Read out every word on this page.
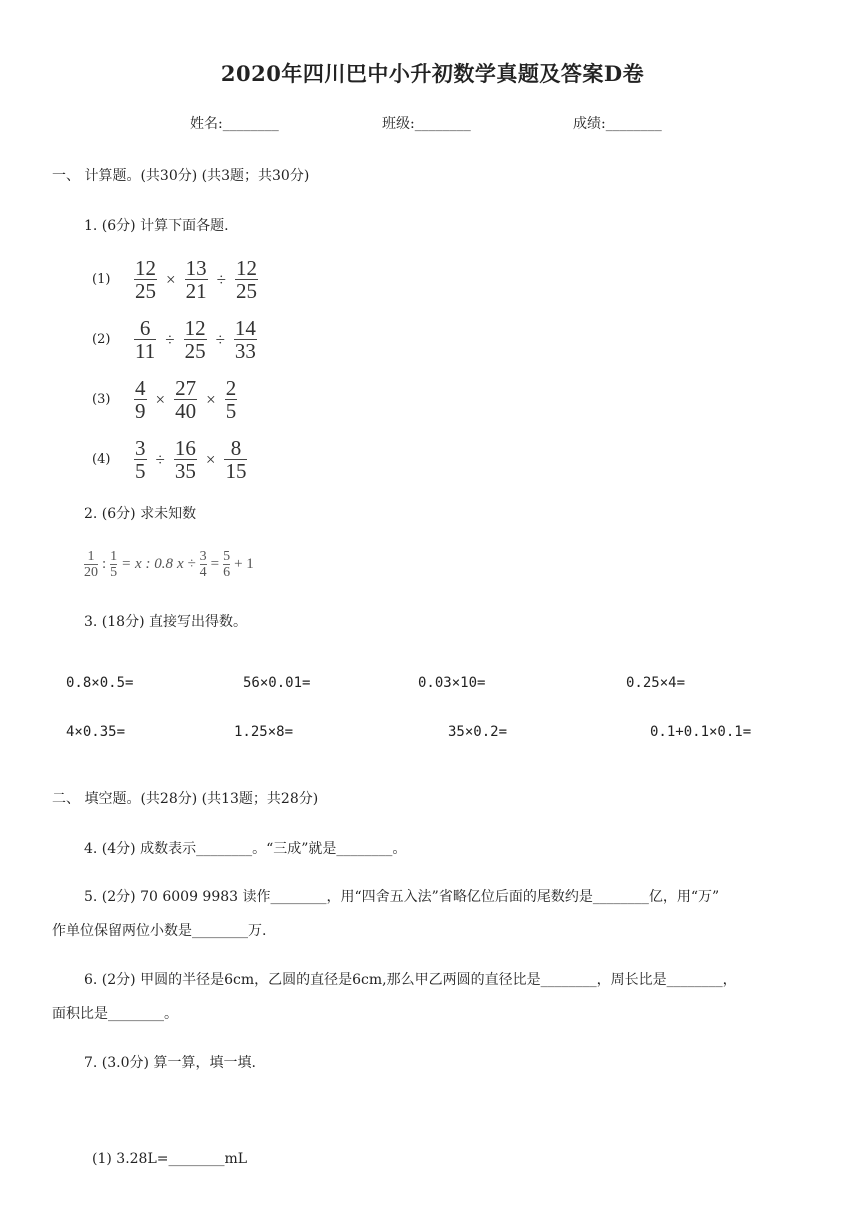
2020年四川巴中小升初数学真题及答案D卷
姓名:________	班级:________	成绩:________
一、 计算题。(共30分) (共3题；共30分)
1. (6分) 计算下面各题.
(1)	$\frac{12}{25} \times \frac{13}{21} \div \frac{12}{25}$
(2)	$\frac{6}{11} \div \frac{12}{25} \div \frac{14}{33}$
(3)	$\frac{4}{9} \times \frac{27}{40} \times \frac{2}{5}$
(4)	$\frac{3}{5} \div \frac{16}{35} \times \frac{8}{15}$
2. (6分) 求未知数
1
20
: 1
5
= x : 0.8 x ÷ 3
4
= 5
6
+ 1
3. (18分) 直接写出得数。
0.8×0.5=	56×0.01=	0.03×10=	0.25×4=
4×0.35=	1.25×8=	35×0.2=	0.1+0.1×0.1=
二、 填空题。(共28分) (共13题；共28分)
4. (4分) 成数表示________。“三成”就是________。
5. (2分) 70 6009 9983 读作________，用“四舍五入法”省略亿位后面的尾数约是________亿，用“万”
作单位保留两位小数是________万.
6. (2分) 甲圆的半径是6cm，乙圆的直径是6cm,那么甲乙两圆的直径比是________，周长比是________，
面积比是________。
7. (3.0分) 算一算，填一填.
(1) 3.28L=________mL
